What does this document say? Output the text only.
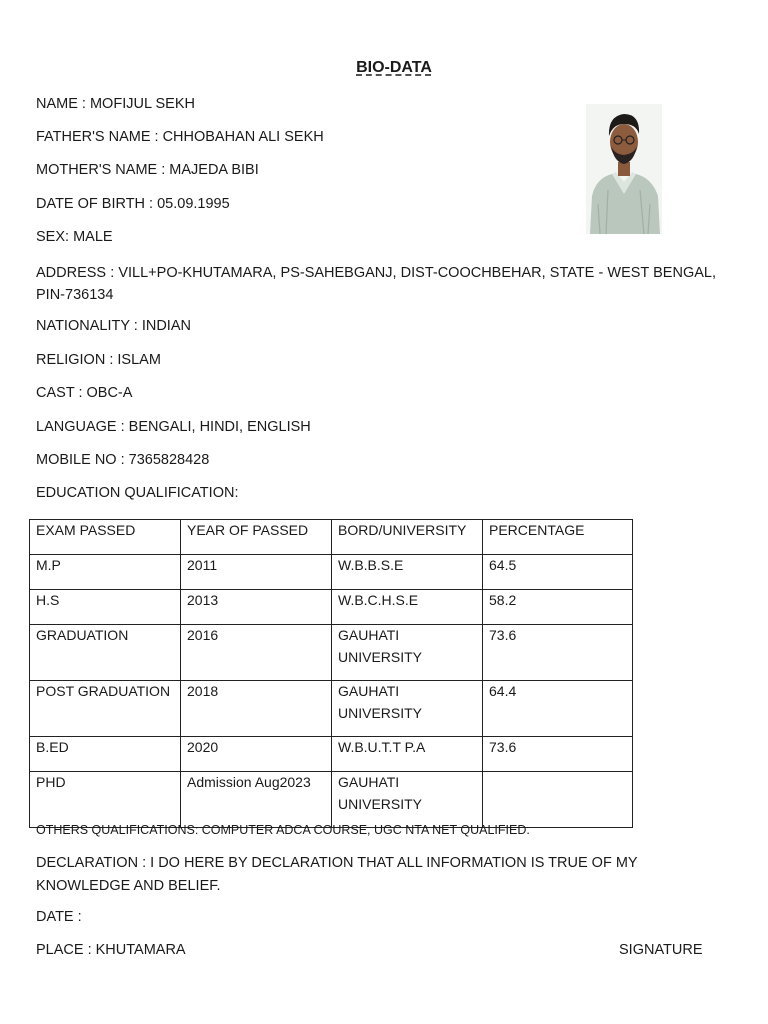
BIO-DATA
NAME : MOFIJUL SEKH
FATHER'S NAME : CHHOBAHAN ALI SEKH
MOTHER'S NAME : MAJEDA BIBI
DATE OF BIRTH : 05.09.1995
SEX: MALE
ADDRESS : VILL+PO-KHUTAMARA, PS-SAHEBGANJ, DIST-COOCHBEHAR, STATE - WEST BENGAL, PIN-736134
NATIONALITY : INDIAN
RELIGION : ISLAM
CAST : OBC-A
LANGUAGE : BENGALI, HINDI, ENGLISH
MOBILE NO : 7365828428
EDUCATION QUALIFICATION:
EXAM PASSED	YEAR OF PASSED	BORD/UNIVERSITY	PERCENTAGE
M.P	2011	W.B.B.S.E	64.5
H.S	2013	W.B.C.H.S.E	58.2
GRADUATION	2016	GAUHATI UNIVERSITY	73.6
POST GRADUATION	2018	GAUHATI UNIVERSITY	64.4
B.ED	2020	W.B.U.T.T P.A	73.6
PHD	Admission Aug2023	GAUHATI UNIVERSITY	
OTHERS QUALIFICATIONS: COMPUTER ADCA COURSE, UGC NTA NET QUALIFIED.
DECLARATION : I DO HERE BY DECLARATION THAT ALL INFORMATION IS TRUE OF MY KNOWLEDGE AND BELIEF.
DATE :
PLACE : KHUTAMARA	SIGNATURE
